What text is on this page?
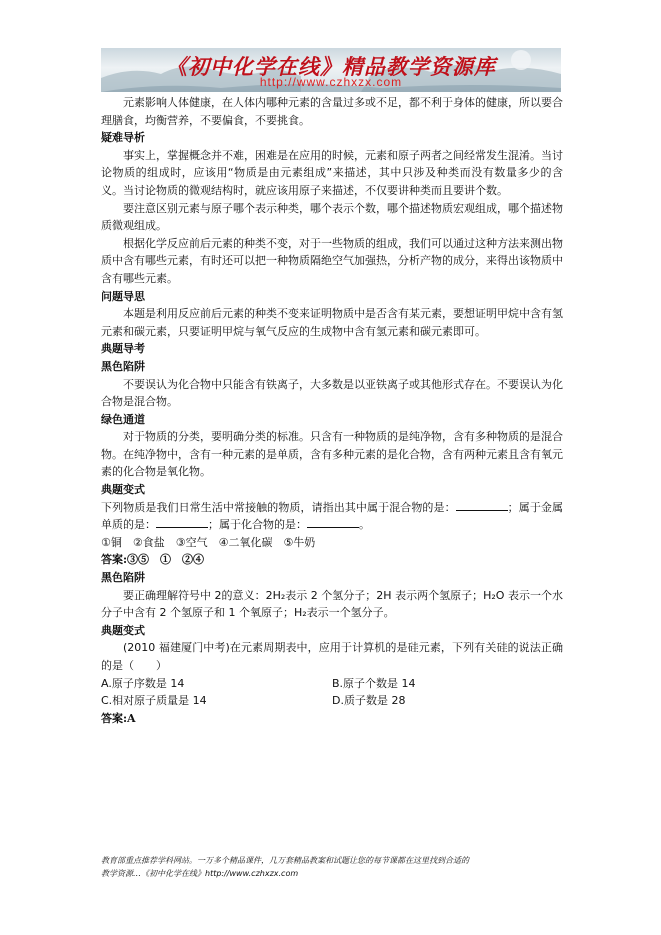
《初中化学在线》精品教学资源库
http://www.czhxzx.com

元素影响人体健康，在人体内哪种元素的含量过多或不足，都不利于身体的健康，所以要合理膳食，均衡营养，不要偏食，不要挑食。

疑难导析

事实上，掌握概念并不难，困难是在应用的时候，元素和原子两者之间经常发生混淆。当讨论物质的组成时，应该用“物质是由元素组成”来描述，其中只涉及种类而没有数量多少的含义。当讨论物质的微观结构时，就应该用原子来描述，不仅要讲种类而且要讲个数。

要注意区别元素与原子哪个表示种类，哪个表示个数，哪个描述物质宏观组成，哪个描述物质微观组成。

根据化学反应前后元素的种类不变，对于一些物质的组成，我们可以通过这种方法来测出物质中含有哪些元素，有时还可以把一种物质隔绝空气加强热，分析产物的成分，来得出该物质中含有哪些元素。

问题导思

本题是利用反应前后元素的种类不变来证明物质中是否含有某元素，要想证明甲烷中含有氢元素和碳元素，只要证明甲烷与氧气反应的生成物中含有氢元素和碳元素即可。

典题导考

黑色陷阱

不要误认为化合物中只能含有铁离子，大多数是以亚铁离子或其他形式存在。不要误认为化合物是混合物。

绿色通道

对于物质的分类，要明确分类的标准。只含有一种物质的是纯净物，含有多种物质的是混合物。在纯净物中，含有一种元素的是单质，含有多种元素的是化合物，含有两种元素且含有氧元素的化合物是氧化物。

典题变式

下列物质是我们日常生活中常接触的物质，请指出其中属于混合物的是：	；属于金属单质的是：	；属于化合物的是：	。

①铜　②食盐　③空气　④二氧化碳　⑤牛奶

答案:③⑤　①　②④

黑色陷阱

要正确理解符号中 2的意义：2H₂表示 2 个氢分子；2H 表示两个氢原子；H₂O 表示一个水分子中含有 2 个氢原子和 1 个氧原子；H₂表示一个氢分子。

典题变式

(2010 福建厦门中考)在元素周期表中，应用于计算机的是硅元素，下列有关硅的说法正确的是（　　）

A.原子序数是 14	B.原子个数是 14
C.相对原子质量是 14	D.质子数是 28

答案:A

教育部重点推荐学科网站。一万多个精品课件，几万套精品教案和试题让您的每节课都在这里找到合适的
教学资源…《初中化学在线》http://www.czhxzx.com
